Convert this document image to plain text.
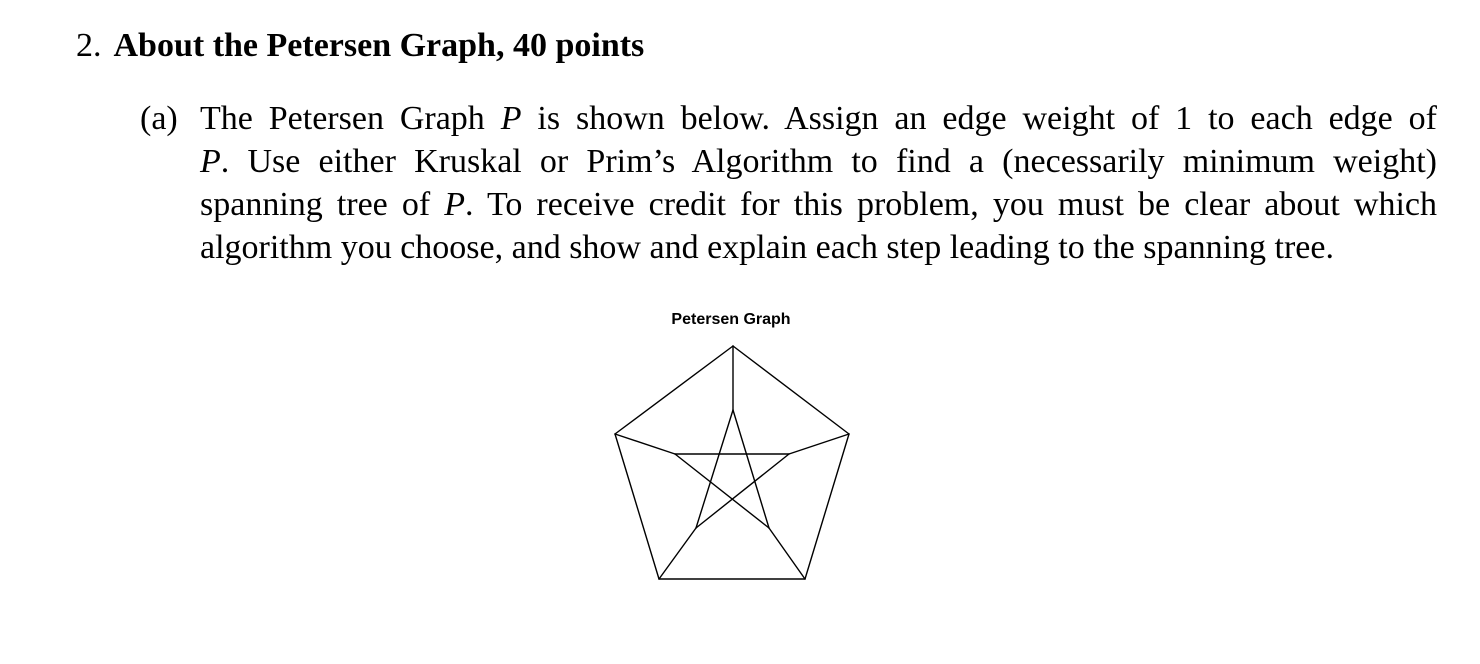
2. About the Petersen Graph, 40 points
(a) The Petersen Graph P is shown below. Assign an edge weight of 1 to each edge of
P. Use either Kruskal or Prim’s Algorithm to find a (necessarily minimum weight)
spanning tree of P. To receive credit for this problem, you must be clear about which
algorithm you choose, and show and explain each step leading to the spanning tree.
Petersen Graph
